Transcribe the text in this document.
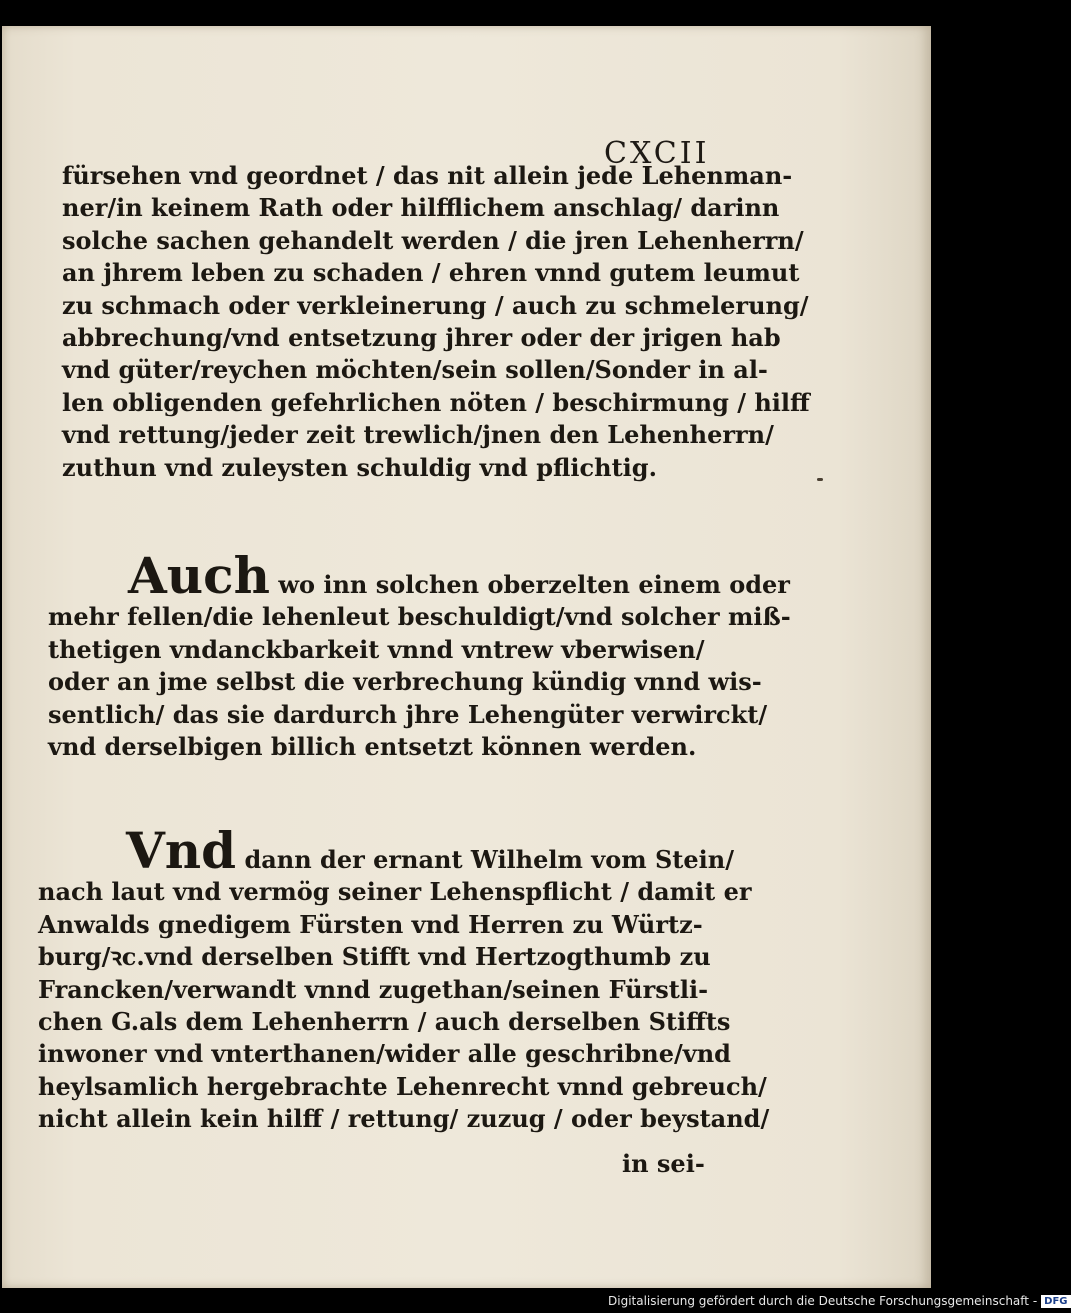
CXCII
fürsehen vnd geordnet / das nit allein jede Lehenman-
ner/in keinem Rath oder hilfflichem anschlag/ darinn
solche sachen gehandelt werden / die jren Lehenherrn/
an jhrem leben zu schaden / ehren vnnd gutem leumut
zu schmach oder verkleinerung / auch zu schmelerung/
abbrechung/vnd entsetzung jhrer oder der jrigen hab
vnd güter/reychen möchten/sein sollen/Sonder in al-
len obligenden gefehrlichen nöten / beschirmung / hilff
vnd rettung/jeder zeit trewlich/jnen den Lehenherrn/
zuthun vnd zuleysten schuldig vnd pflichtig.
Auch wo inn solchen oberzelten einem oder
mehr fellen/die lehenleut beschuldigt/vnd solcher miß-
thetigen vndanckbarkeit vnnd vntrew vberwisen/
oder an jme selbst die verbrechung kündig vnnd wis-
sentlich/ das sie dardurch jhre Lehengüter verwirckt/
vnd derselbigen billich entsetzt können werden.
Vnd dann der ernant Wilhelm vom Stein/
nach laut vnd vermög seiner Lehenspflicht / damit er
Anwalds gnedigem Fürsten vnd Herren zu Würtz-
burg/ꝛc.vnd derselben Stifft vnd Hertzogthumb zu
Francken/verwandt vnnd zugethan/seinen Fürstli-
chen G.als dem Lehenherrn / auch derselben Stiffts
inwoner vnd vnterthanen/wider alle geschribne/vnd
heylsamlich hergebrachte Lehenrecht vnnd gebreuch/
nicht allein kein hilff / rettung/ zuzug / oder beystand/
in sei-
Digitalisierung gefördert durch die Deutsche Forschungsgemeinschaft - DFG
